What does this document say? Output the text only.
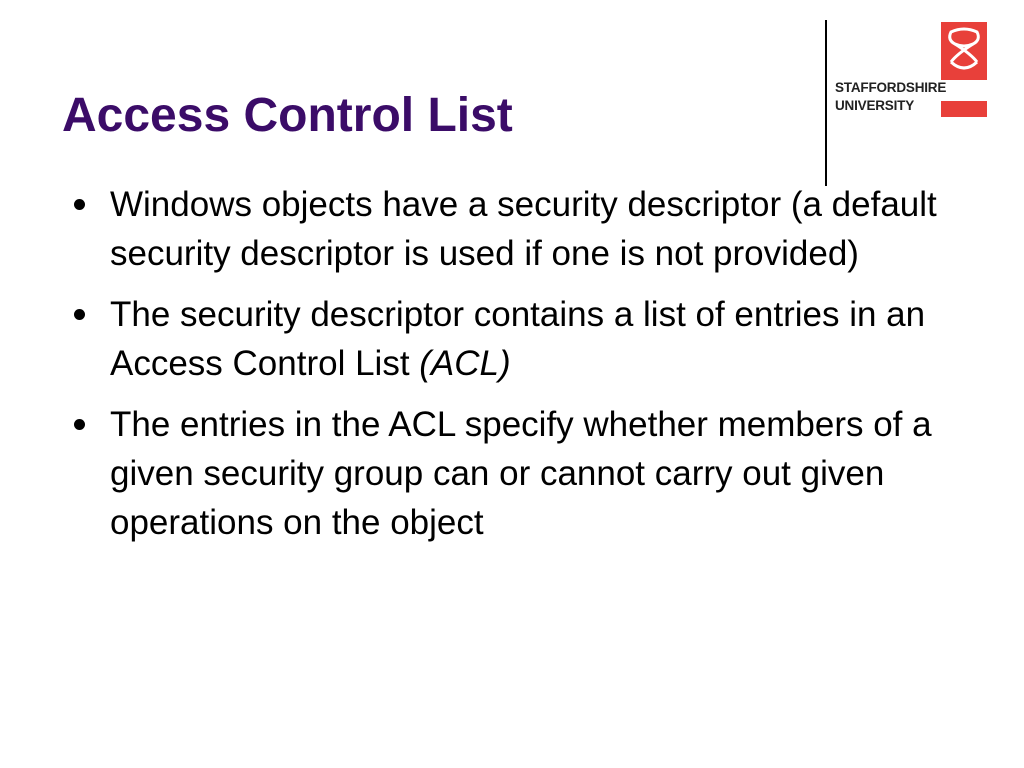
Access Control List
STAFFORDSHIRE
UNIVERSITY
Windows objects have a security descriptor (a default security descriptor is used if one is not provided)
The security descriptor contains a list of entries in an Access Control List (ACL)
The entries in the ACL specify whether members of a given security group can or cannot carry out given operations on the object
